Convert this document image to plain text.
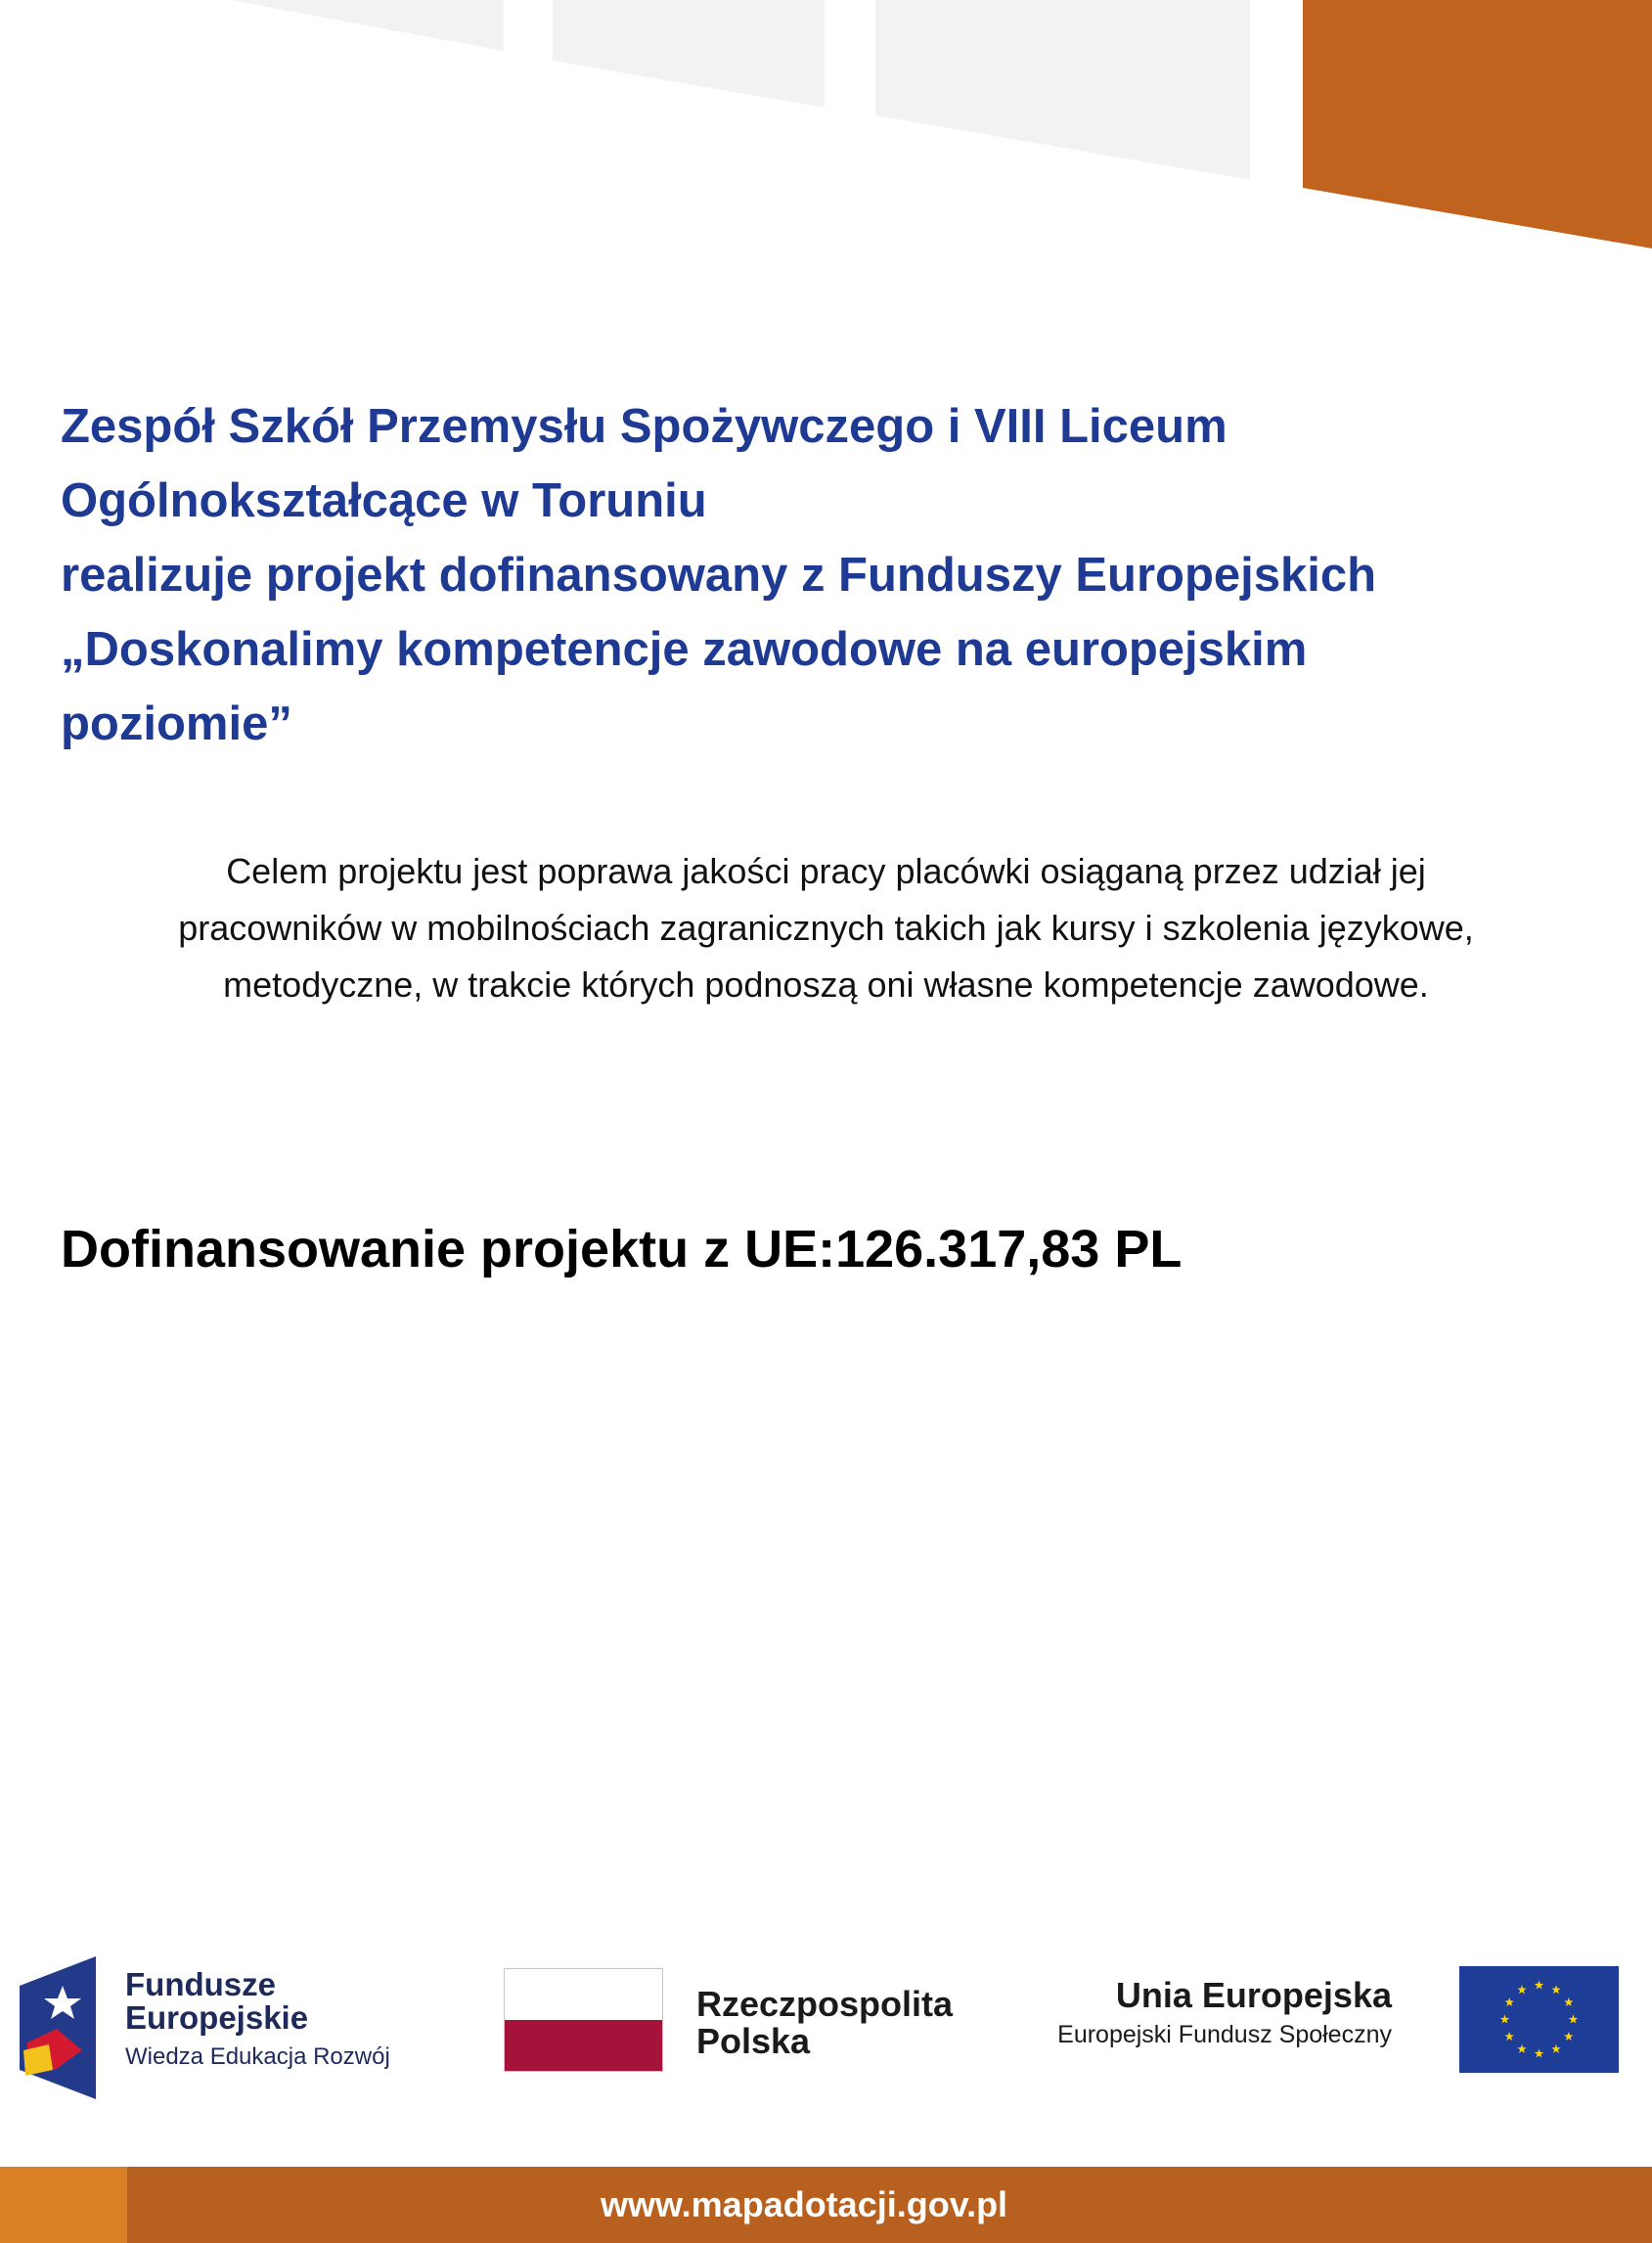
Zespół Szkół Przemysłu Spożywczego i VIII Liceum
Ogólnokształcące w Toruniu
realizuje projekt dofinansowany z Funduszy Europejskich
„Doskonalimy kompetencje zawodowe na europejskim
poziomie”

Celem projektu jest poprawa jakości pracy placówki osiąganą przez udział jej
pracowników w mobilnościach zagranicznych takich jak kursy i szkolenia językowe,
metodyczne, w trakcie których podnoszą oni własne kompetencje zawodowe.

Dofinansowanie projektu z UE:126.317,83 PL

Fundusze
Europejskie
Wiedza Edukacja Rozwój
Rzeczpospolita
Polska
Unia Europejska
Europejski Fundusz Społeczny
www.mapadotacji.gov.pl
